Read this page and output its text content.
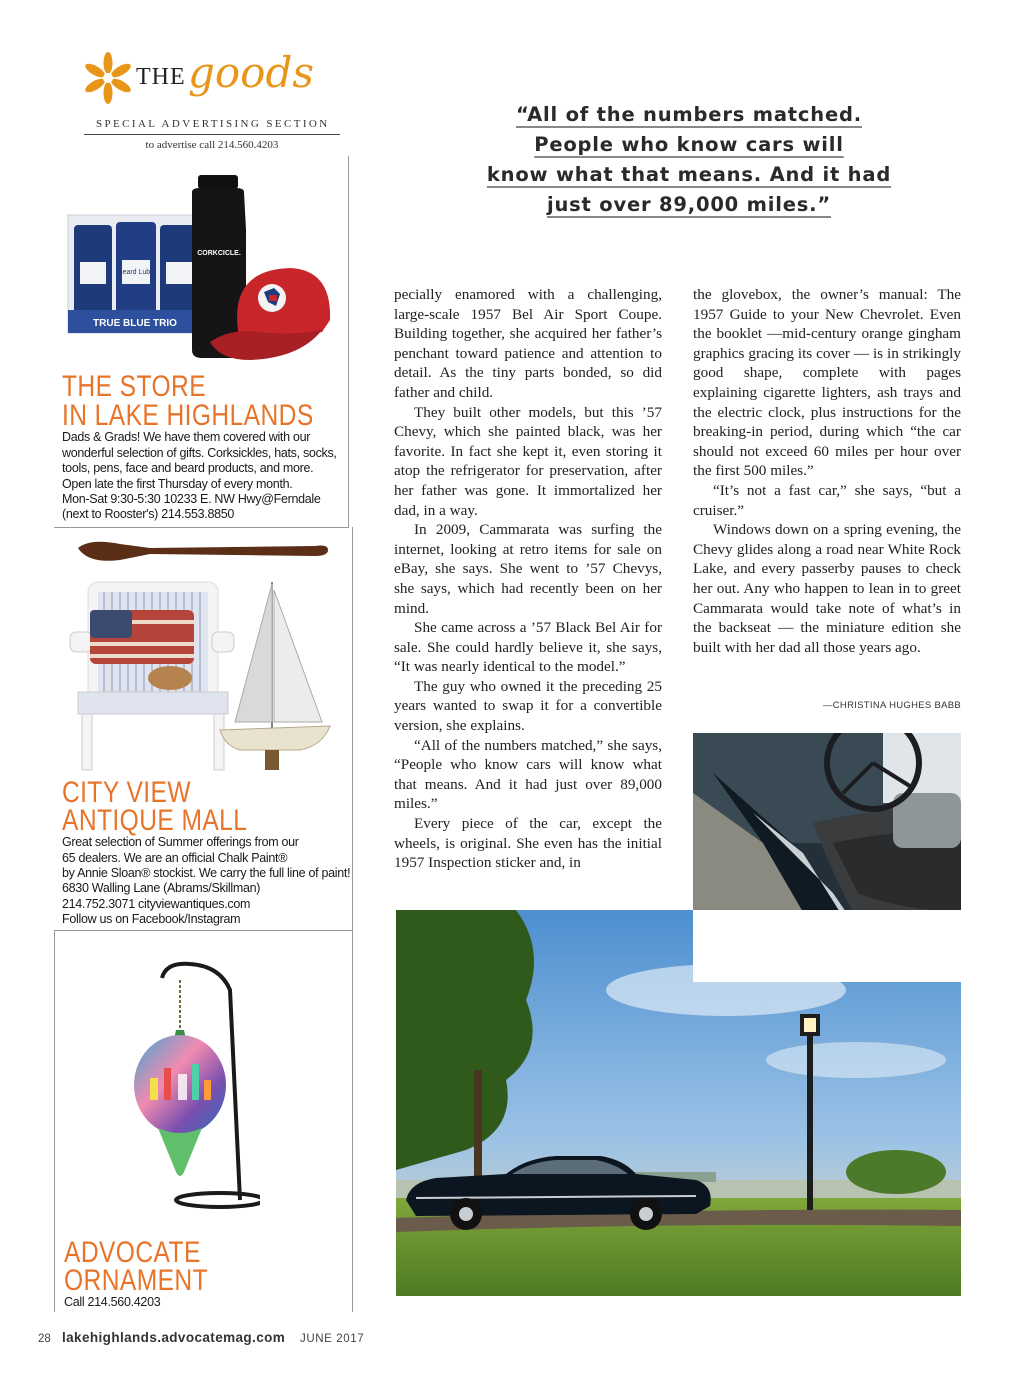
THE goods
SPECIAL ADVERTISING SECTION
to advertise call 214.560.4203
Beard Lube
TRUE BLUE TRIO
CORKCICLE.
THE STORE
IN LAKE HIGHLANDS
Dads & Grads! We have them covered with our wonderful selection of gifts. Corksickles, hats, socks, tools, pens, face and beard products, and more. Open late the first Thursday of every month.
Mon-Sat 9:30-5:30 10233 E. NW Hwy@Ferndale
(next to Rooster's) 214.553.8850
CITY VIEW
ANTIQUE MALL
Great selection of Summer offerings from our
65 dealers. We are an official Chalk Paint®
by Annie Sloan® stockist. We carry the full line of paint!
6830 Walling Lane (Abrams/Skillman)
214.752.3071 cityviewantiques.com
Follow us on Facebook/Instagram
ADVOCATE
ORNAMENT
Call 214.560.4203
“All of the numbers matched.
People who know cars will
know what that means. And it had
just over 89,000 miles.”

pecially enamored with a challenging, large-scale 1957 Bel Air Sport Coupe. Building together, she acquired her father’s penchant toward patience and attention to detail. As the tiny parts bonded, so did father and child.

They built other models, but this ’57 Chevy, which she painted black, was her favorite. In fact she kept it, even storing it atop the refrigerator for preservation, after her father was gone. It immortalized her dad, in a way.

In 2009, Cammarata was surfing the internet, looking at retro items for sale on eBay, she says. She went to ’57 Chevys, she says, which had recently been on her mind.

She came across a ’57 Black Bel Air for sale. She could hardly believe it, she says, “It was nearly identical to the model.”

The guy who owned it the preceding 25 years wanted to swap it for a convertible version, she explains.

“All of the numbers matched,” she says, “People who know cars will know what that means. And it had just over 89,000 miles.”

Every piece of the car, except the wheels, is original. She even has the initial 1957 Inspection sticker and, in

the glovebox, the owner’s manual: The 1957 Guide to your New Chevrolet. Even the booklet —mid-century orange gingham graphics gracing its cover — is in strikingly good shape, complete with pages explaining cigarette lighters, ash trays and the electric clock, plus instructions for the breaking-in period, during which “the car should not exceed 60 miles per hour over the first 500 miles.”

“It’s not a fast car,” she says, “but a cruiser.”

Windows down on a spring evening, the Chevy glides along a road near White Rock Lake, and every passerby pauses to check her out. Any who happen to lean in to greet Cammarata would take note of what’s in the backseat — the miniature edition she built with her dad all those years ago.

—CHRISTINA HUGHES BABB
28 lakehighlands.advocatemag.com JUNE 2017
